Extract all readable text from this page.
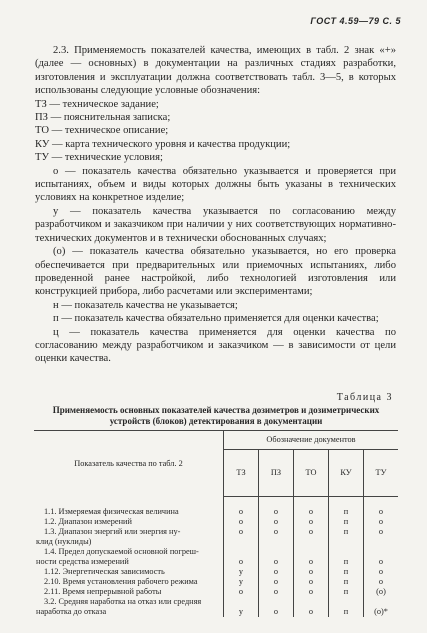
ГОСТ 4.59—79 С. 5

2.3. Применяемость показателей качества, имеющих в табл. 2 знак «+» (далее — основных) в документации на различных стадиях разработки, изготовления и эксплуатации должна соответствовать табл. 3—5, в которых использованы следующие условные обозначения:

ТЗ — техническое задание;

ПЗ — пояснительная записка;

ТО — техническое описание;

КУ — карта технического уровня и качества продукции;

ТУ — технические условия;

о — показатель качества обязательно указывается и проверяется при испытаниях, объем и виды которых должны быть указаны в технических условиях на конкретное изделие;

у — показатель качества указывается по согласованию между разработчиком и заказчиком при наличии у них соответствующих нормативно-технических документов и в технически обоснованных случаях;

(о) — показатель качества обязательно указывается, но его проверка обеспечивается при предварительных или приемочных испытаниях, либо проведенной ранее настройкой, либо технологией изготовления или конструкцией прибора, либо расчетами или экспериментами;

н — показатель качества не указывается;

п — показатель качества обязательно применяется для оценки качества;

ц — показатель качества применяется для оценки качества по согласованию между разработчиком и заказчиком — в зависимости от цели оценки качества.

Таблица 3
Применяемость основных показателей качества дозиметров и дозиметрических устройств (блоков) детектирования в документации
Показатель качества по табл. 2	Обозначение документов				
	ТЗ	ПЗ	ТО	КУ	ТУ
1.1. Измеряемая физическая величина	о	о	о	п	о
1.2. Диапазон измерений	о	о	о	п	о
1.3. Диапазон энергий или энергия ну-	о	о	о	п	о
клид (нуклиды)					
1.4. Предел допускаемой основной погреш-					
ности средства измерений	о	о	о	п	о
1.12. Энергетическая зависимость	у	о	о	п	о
2.10. Время установления рабочего режима	у	о	о	п	о
2.11. Время непрерывной работы	о	о	о	п	(о)
3.2. Средняя наработка на отказ или средняя					
наработка до отказа	у	о	о	п	(о)*
